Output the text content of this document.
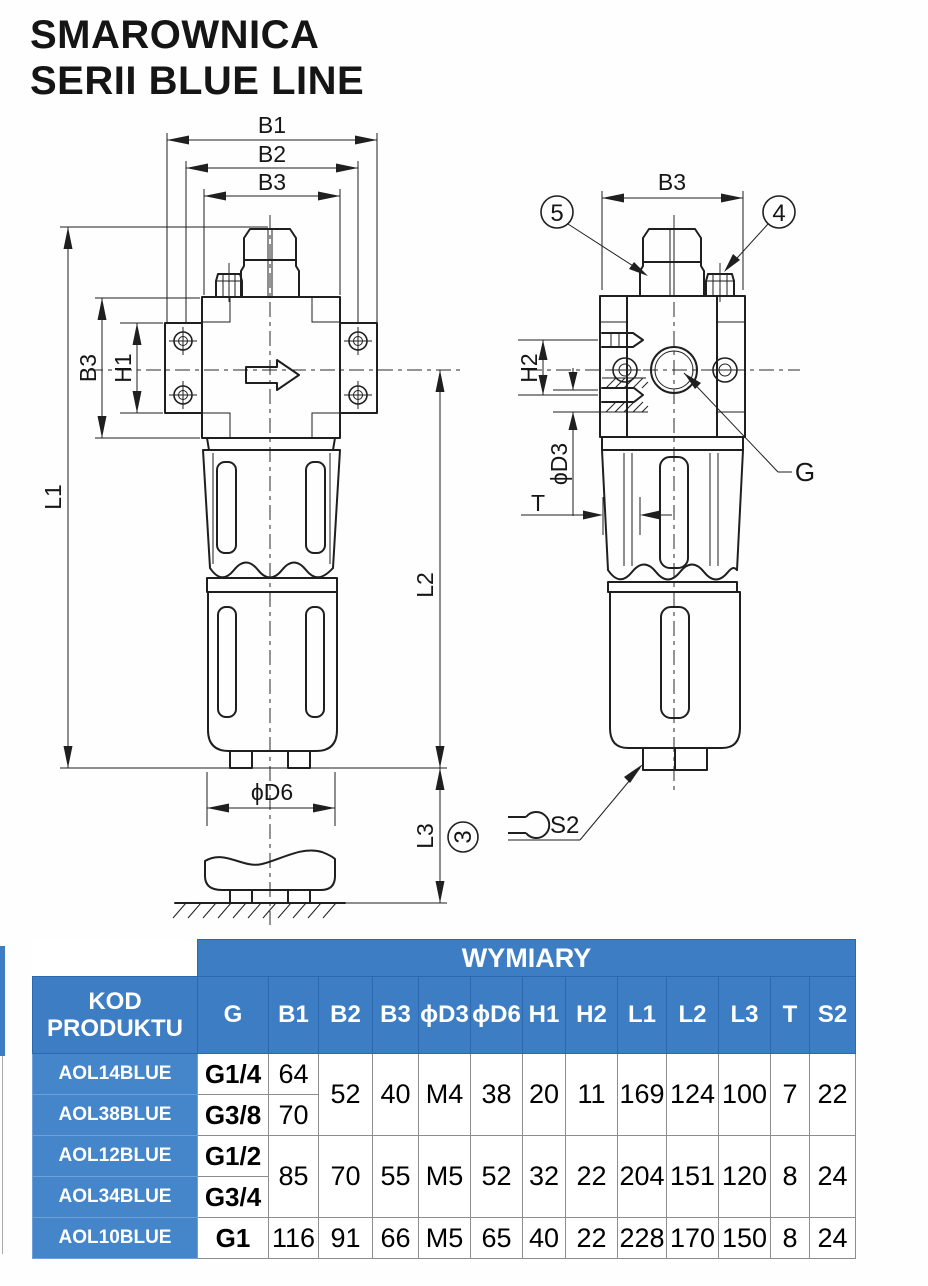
SMAROWNICA
SERII BLUE LINE
B1
B2
B3
B3 H1
L1
L2
ϕD6
L3 3
B3
5	4
H2
ϕD3
T
G
S2
	WYMIARY												
KOD PRODUKTU	G	B1	B2	B3	ϕD3	ϕD6	H1	H2	L1	L2	L3	T	S2
AOL14BLUE	G1/4	64	52	40	M4	38	20	11	169	124	100	7	22
AOL38BLUE	G3/8	70											
AOL12BLUE	G1/2	85	70	55	M5	52	32	22	204	151	120	8	24
AOL34BLUE	G3/4												
AOL10BLUE	G1	116	91	66	M5	65	40	22	228	170	150	8	24
